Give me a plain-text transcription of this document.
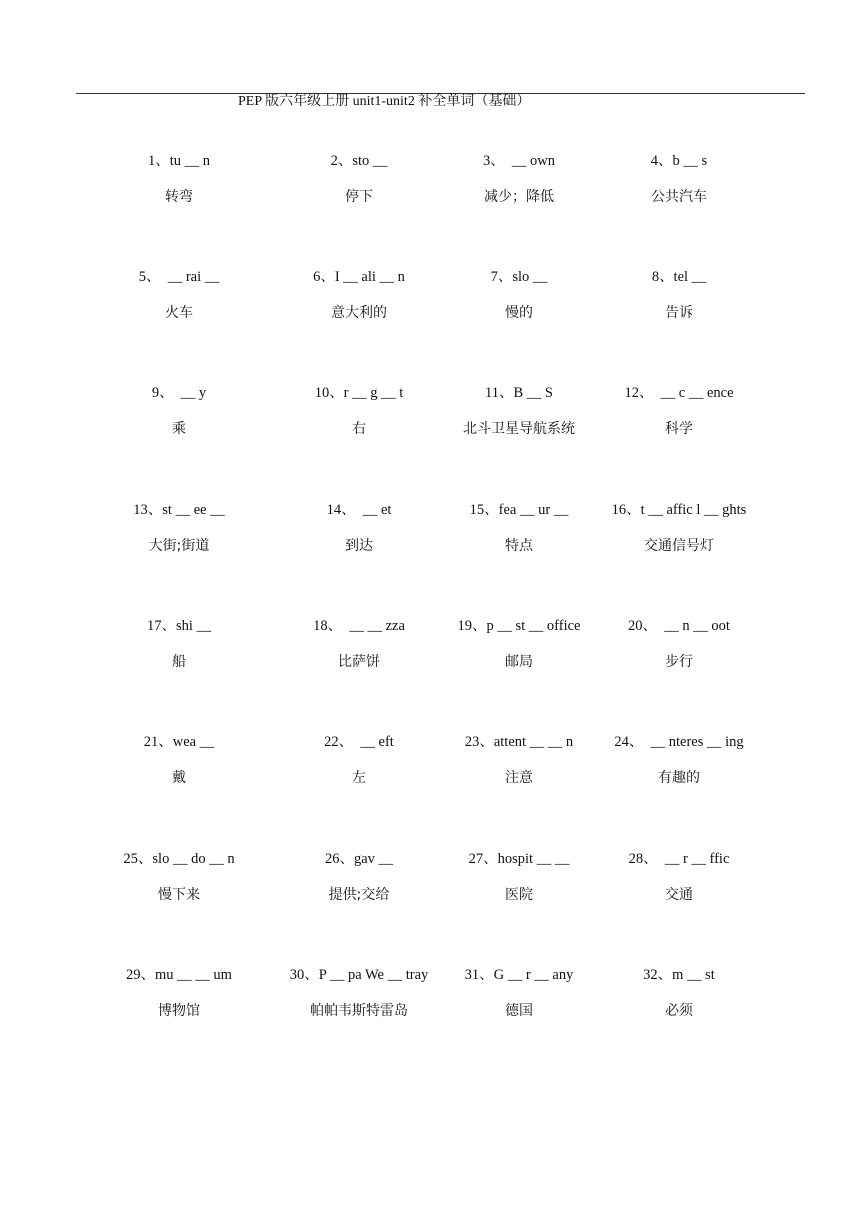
PEP 版六年级上册 unit1-unit2 补全单词（基础）
1、tu __ n
转弯
2、sto __
停下
3、  __ own
减少；降低
4、b __ s
公共汽车
5、  __ rai __
火车
6、I __ ali __ n
意大利的
7、slo __
慢的
8、tel __
告诉
9、  __ y
乘
10、r __ g __ t
右
11、B __ S
北斗卫星导航系统
12、  __ c __ ence
科学
13、st __ ee __
大街;街道
14、  __ et
到达
15、fea __ ur __
特点
16、t __ affic l __ ghts
交通信号灯
17、shi __
船
18、  __ __ zza
比萨饼
19、p __ st __ office
邮局
20、  __ n __ oot
步行
21、wea __
戴
22、  __ eft
左
23、attent __ __ n
注意
24、  __ nteres __ ing
有趣的
25、slo __ do __ n
慢下来
26、gav __
提供;交给
27、hospit __ __
医院
28、  __ r __ ffic
交通
29、mu __ __ um
博物馆
30、P __ pa We __ tray
帕帕韦斯特雷岛
31、G __ r __ any
德国
32、m __ st
必须
